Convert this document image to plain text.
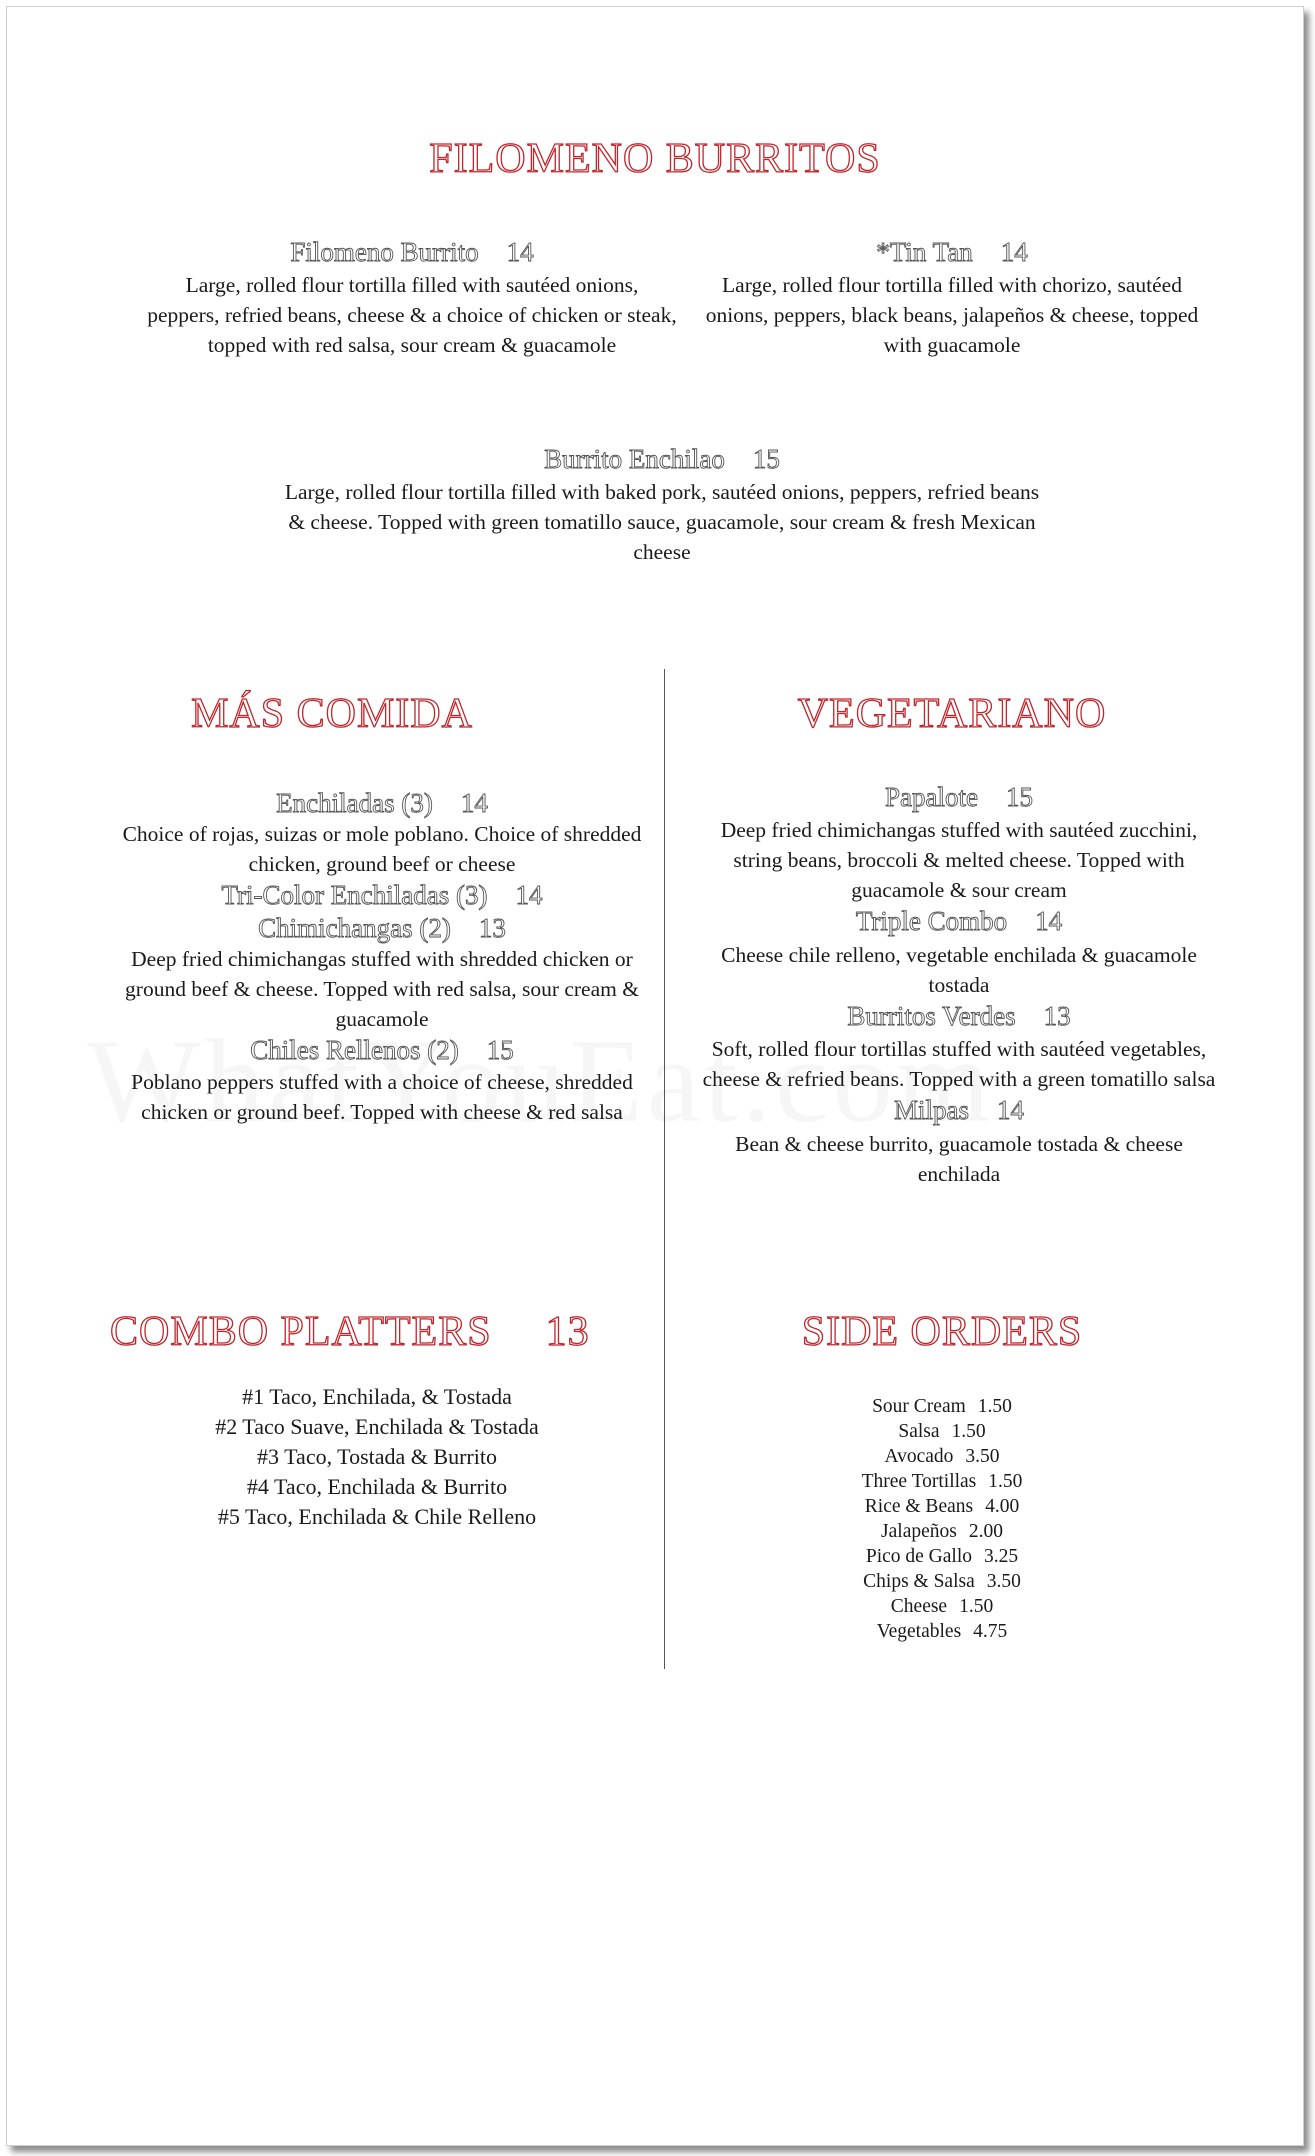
FILOMENO BURRITOS
Filomeno Burrito 14
Large, rolled flour tortilla filled with sautéed onions, peppers, refried beans, cheese & a choice of chicken or steak, topped with red salsa, sour cream & guacamole
*Tin Tan 14
Large, rolled flour tortilla filled with chorizo, sautéed onions, peppers, black beans, jalapeños & cheese, topped with guacamole
Burrito Enchilao 15
Large, rolled flour tortilla filled with baked pork, sautéed onions, peppers, refried beans & cheese. Topped with green tomatillo sauce, guacamole, sour cream & fresh Mexican cheese
MÁS COMIDA
Enchiladas (3) 14
Choice of rojas, suizas or mole poblano. Choice of shredded chicken, ground beef or cheese
Tri-Color Enchiladas (3) 14
Chimichangas (2) 13
Deep fried chimichangas stuffed with shredded chicken or ground beef & cheese. Topped with red salsa, sour cream & guacamole
Chiles Rellenos (2) 15
Poblano peppers stuffed with a choice of cheese, shredded chicken or ground beef. Topped with cheese & red salsa
VEGETARIANO
Papalote 15
Deep fried chimichangas stuffed with sautéed zucchini, string beans, broccoli & melted cheese. Topped with guacamole & sour cream
Triple Combo 14
Cheese chile relleno, vegetable enchilada & guacamole tostada
Burritos Verdes 13
Soft, rolled flour tortillas stuffed with sautéed vegetables, cheese & refried beans. Topped with a green tomatillo salsa
Milpas 14
Bean & cheese burrito, guacamole tostada & cheese enchilada
COMBO PLATTERS 13
#1 Taco, Enchilada, & Tostada
#2 Taco Suave, Enchilada & Tostada
#3 Taco, Tostada & Burrito
#4 Taco, Enchilada & Burrito
#5 Taco, Enchilada & Chile Relleno
SIDE ORDERS
Sour Cream 1.50
Salsa 1.50
Avocado 3.50
Three Tortillas 1.50
Rice & Beans 4.00
Jalapeños 2.00
Pico de Gallo 3.25
Chips & Salsa 3.50
Cheese 1.50
Vegetables 4.75
